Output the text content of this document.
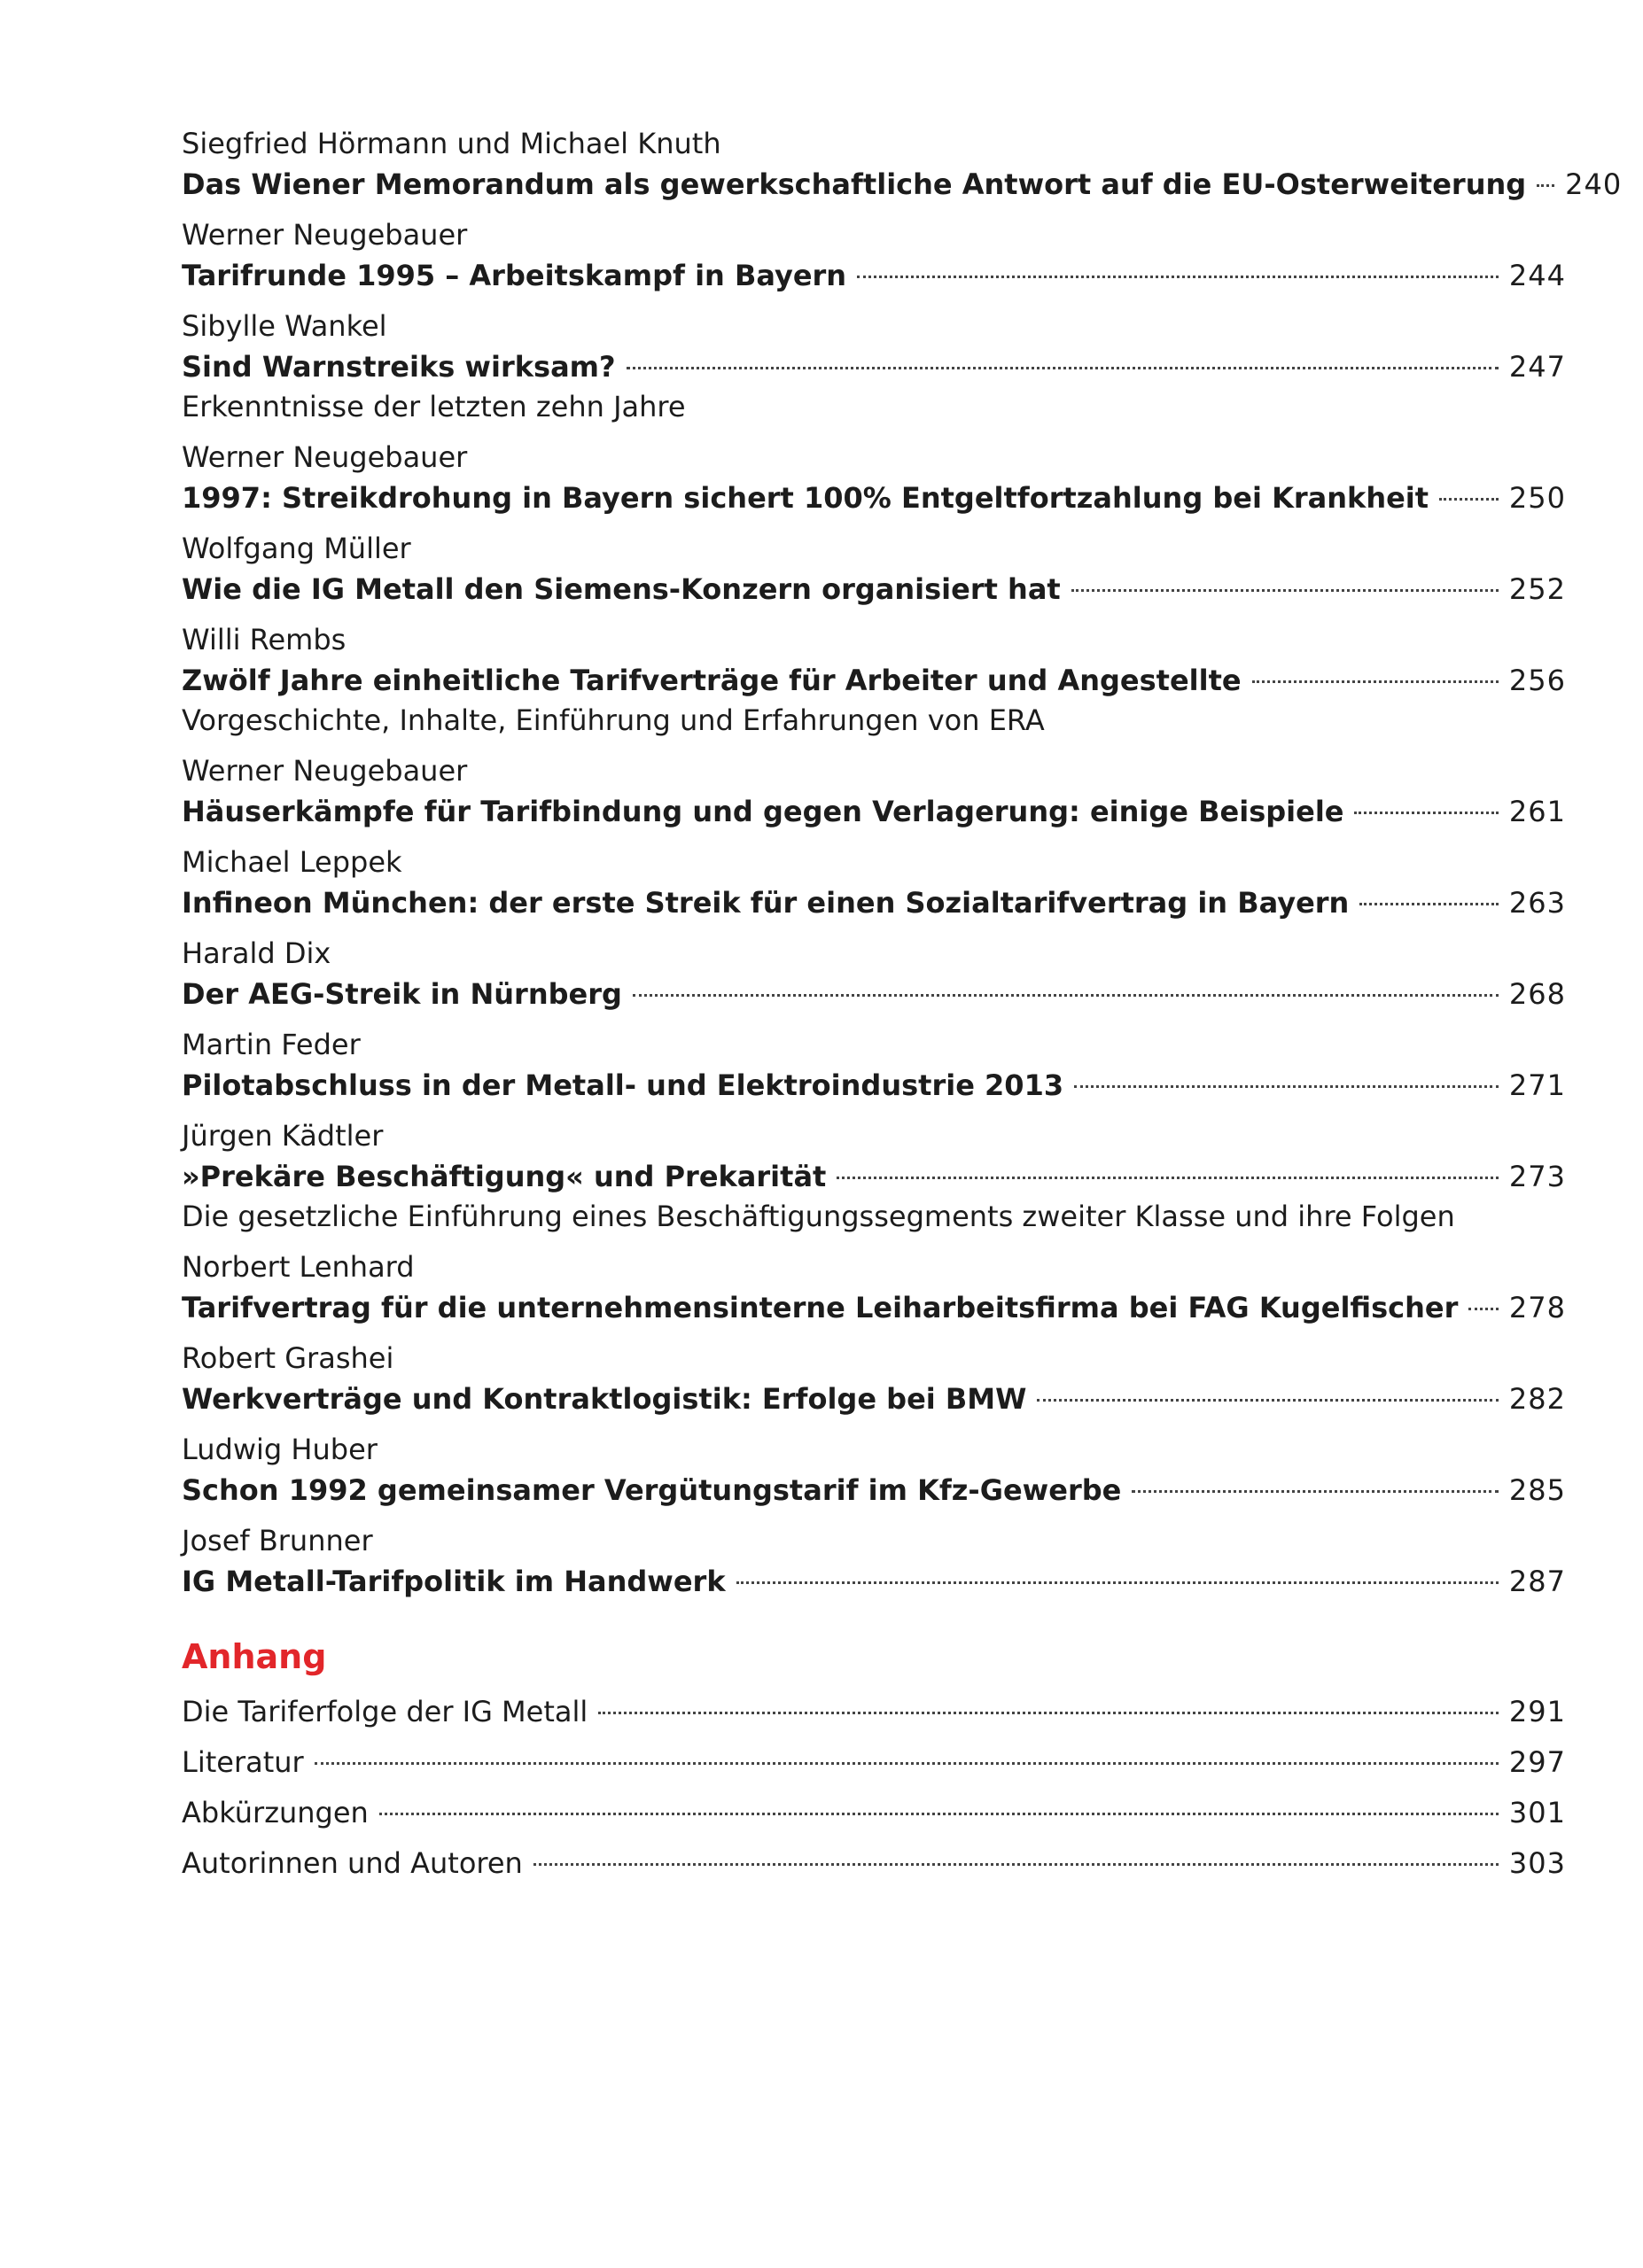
Siegfried Hörmann und Michael Knuth
Das Wiener Memorandum als gewerkschaftliche Antwort auf die EU-Osterweiterung 240
Werner Neugebauer
Tarifrunde 1995 – Arbeitskampf in Bayern	244
Sibylle Wankel
Sind Warnstreiks wirksam?	247
Erkenntnisse der letzten zehn Jahre
Werner Neugebauer
1997: Streikdrohung in Bayern sichert 100% Entgeltfortzahlung bei Krankheit	250
Wolfgang Müller
Wie die IG Metall den Siemens-Konzern organisiert hat	252
Willi Rembs
Zwölf Jahre einheitliche Tarifverträge für Arbeiter und Angestellte	256
Vorgeschichte, Inhalte, Einführung und Erfahrungen von ERA
Werner Neugebauer
Häuserkämpfe für Tarifbindung und gegen Verlagerung: einige Beispiele	261
Michael Leppek
Infineon München: der erste Streik für einen Sozialtarifvertrag in Bayern	263
Harald Dix
Der AEG-Streik in Nürnberg	268
Martin Feder
Pilotabschluss in der Metall- und Elektroindustrie 2013	271
Jürgen Kädtler
»Prekäre Beschäftigung« und Prekarität	273
Die gesetzliche Einführung eines Beschäftigungssegments zweiter Klasse und ihre Folgen
Norbert Lenhard
Tarifvertrag für die unternehmensinterne Leiharbeitsfirma bei FAG Kugelfischer 278
Robert Grashei
Werkverträge und Kontraktlogistik: Erfolge bei BMW	282
Ludwig Huber
Schon 1992 gemeinsamer Vergütungstarif im Kfz-Gewerbe	285
Josef Brunner
IG Metall-Tarifpolitik im Handwerk	287
Anhang
Die Tariferfolge der IG Metall	291
Literatur	297
Abkürzungen	301
Autorinnen und Autoren	303
